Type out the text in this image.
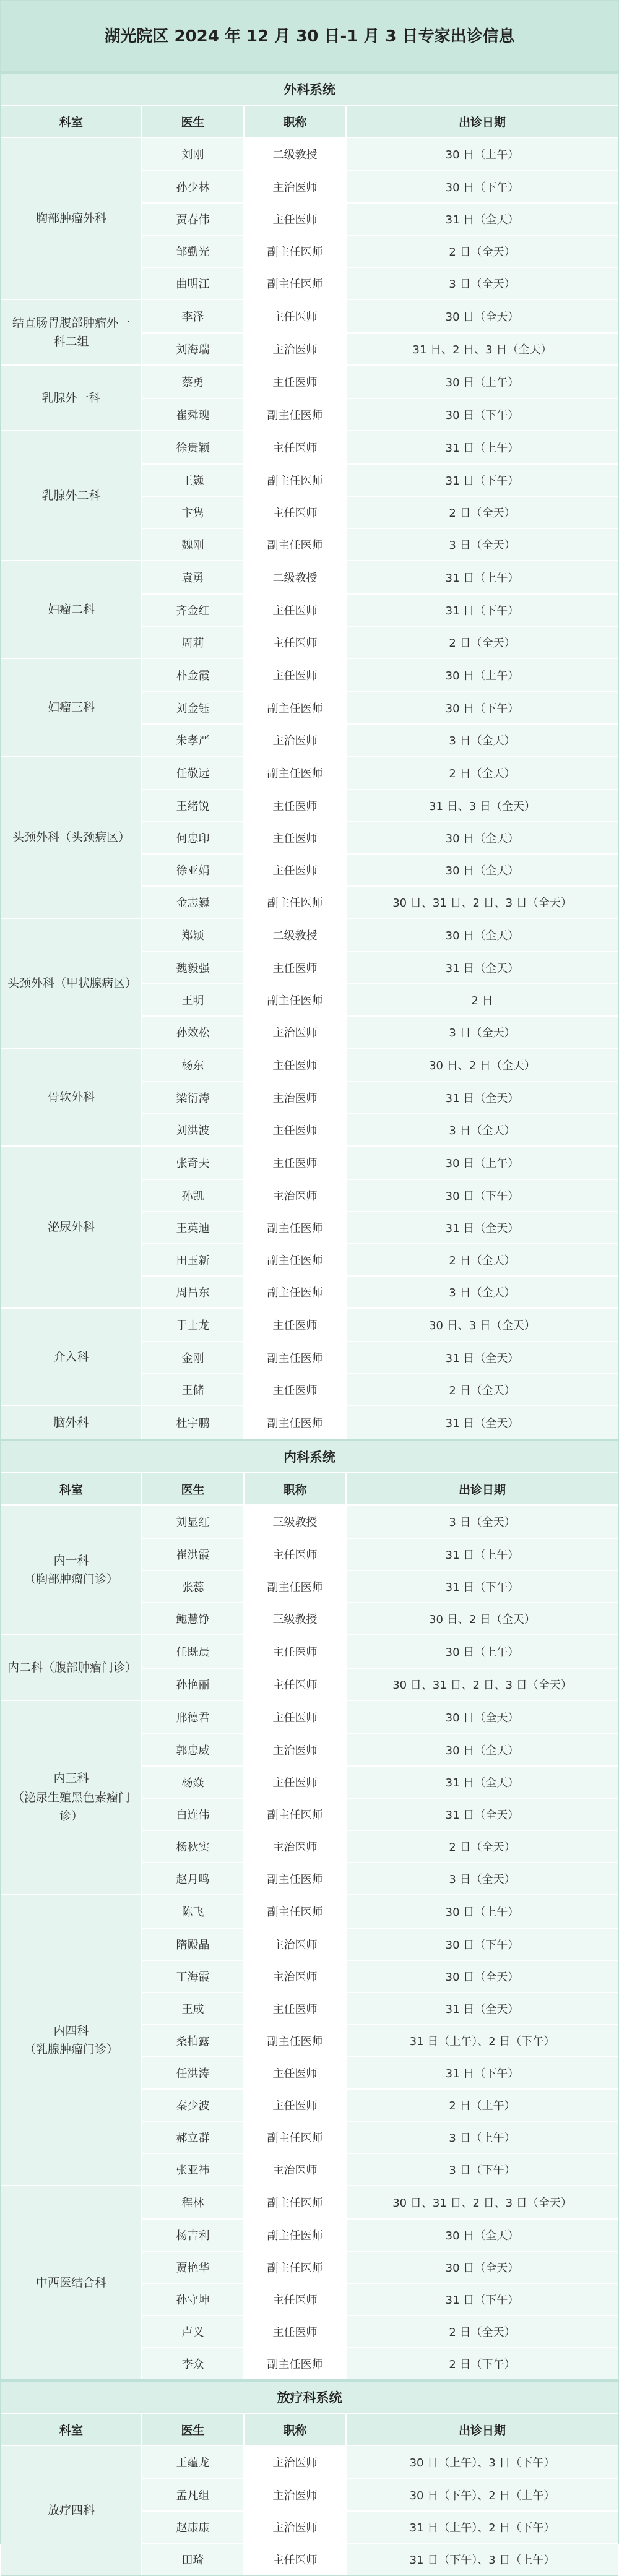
湖光院区 2024 年 12 月 30 日-1 月 3 日专家出诊信息
外科系统
科室	医生	职称	出诊日期
胸部肿瘤外科
刘刚	二级教授	30 日（上午）
孙少林	主治医师	30 日（下午）
贾春伟	主任医师	31 日（全天）
邹勤光	副主任医师	2 日（全天）
曲明江	副主任医师	3 日（全天）
结直肠胃腹部肿瘤外一科二组
李泽	主任医师	30 日（全天）
刘海瑞	主治医师	31 日、2 日、3 日（全天）
乳腺外一科
蔡勇	主任医师	30 日（上午）
崔舜瑰	副主任医师	30 日（下午）
乳腺外二科
徐贵颖	主任医师	31 日（上午）
王巍	副主任医师	31 日（下午）
卞隽	主任医师	2 日（全天）
魏刚	副主任医师	3 日（全天）
妇瘤二科
袁勇	二级教授	31 日（上午）
齐金红	主任医师	31 日（下午）
周莉	主任医师	2 日（全天）
妇瘤三科
朴金霞	主任医师	30 日（上午）
刘金钰	副主任医师	30 日（下午）
朱孝严	主治医师	3 日（全天）
头颈外科（头颈病区）
任敬远	副主任医师	2 日（全天）
王绪锐	主任医师	31 日、3 日（全天）
何忠印	主任医师	30 日（全天）
徐亚娟	主任医师	30 日（全天）
金志巍	副主任医师	30 日、31 日、2 日、3 日（全天）
头颈外科（甲状腺病区）
郑颖	二级教授	30 日（全天）
魏毅强	主任医师	31 日（全天）
王明	副主任医师	2 日
孙效松	主治医师	3 日（全天）
骨软外科
杨东	主任医师	30 日、2 日（全天）
梁衍涛	主治医师	31 日（全天）
刘洪波	主任医师	3 日（全天）
泌尿外科
张奇夫	主任医师	30 日（上午）
孙凯	主治医师	30 日（下午）
王英迪	副主任医师	31 日（全天）
田玉新	副主任医师	2 日（全天）
周昌东	副主任医师	3 日（全天）
介入科
于士龙	主任医师	30 日、3 日（全天）
金刚	副主任医师	31 日（全天）
王储	主任医师	2 日（全天）
脑外科	杜宇鹏	副主任医师	31 日（全天）
内科系统
科室	医生	职称	出诊日期
内一科
（胸部肿瘤门诊）
刘显红	三级教授	3 日（全天）
崔洪霞	主任医师	31 日（上午）
张蕊	副主任医师	31 日（下午）
鲍慧铮	三级教授	30 日、2 日（全天）
内二科（腹部肿瘤门诊）
任既晨	主任医师	30 日（上午）
孙艳丽	主任医师	30 日、31 日、2 日、3 日（全天）
内三科
（泌尿生殖黑色素瘤门诊）
邢德君	主任医师	30 日（全天）
郭忠威	主治医师	30 日（全天）
杨焱	主任医师	31 日（全天）
白连伟	副主任医师	31 日（全天）
杨秋实	主治医师	2 日（全天）
赵月鸣	副主任医师	3 日（全天）
内四科
（乳腺肿瘤门诊）
陈飞	副主任医师	30 日（上午）
隋殿晶	主治医师	30 日（下午）
丁海霞	主治医师	30 日（全天）
王成	主任医师	31 日（全天）
桑柏露	副主任医师	31 日（上午）、2 日（下午）
任洪涛	主任医师	31 日（下午）
秦少波	主任医师	2 日（上午）
郝立群	副主任医师	3 日（上午）
张亚祎	主治医师	3 日（下午）
中西医结合科
程林	副主任医师	30 日、31 日、2 日、3 日（全天）
杨吉利	副主任医师	30 日（全天）
贾艳华	副主任医师	30 日（全天）
孙守坤	主任医师	31 日（下午）
卢义	主任医师	2 日（全天）
李众	副主任医师	2 日（下午）
放疗科系统
科室	医生	职称	出诊日期
放疗四科
王蕴龙	主治医师	30 日（上午）、3 日（下午）
孟凡组	主治医师	30 日（下午）、2 日（上午）
赵康康	主治医师	31 日（上午）、2 日（下午）
田琦	主任医师	31 日（下午）、3 日（上午）
